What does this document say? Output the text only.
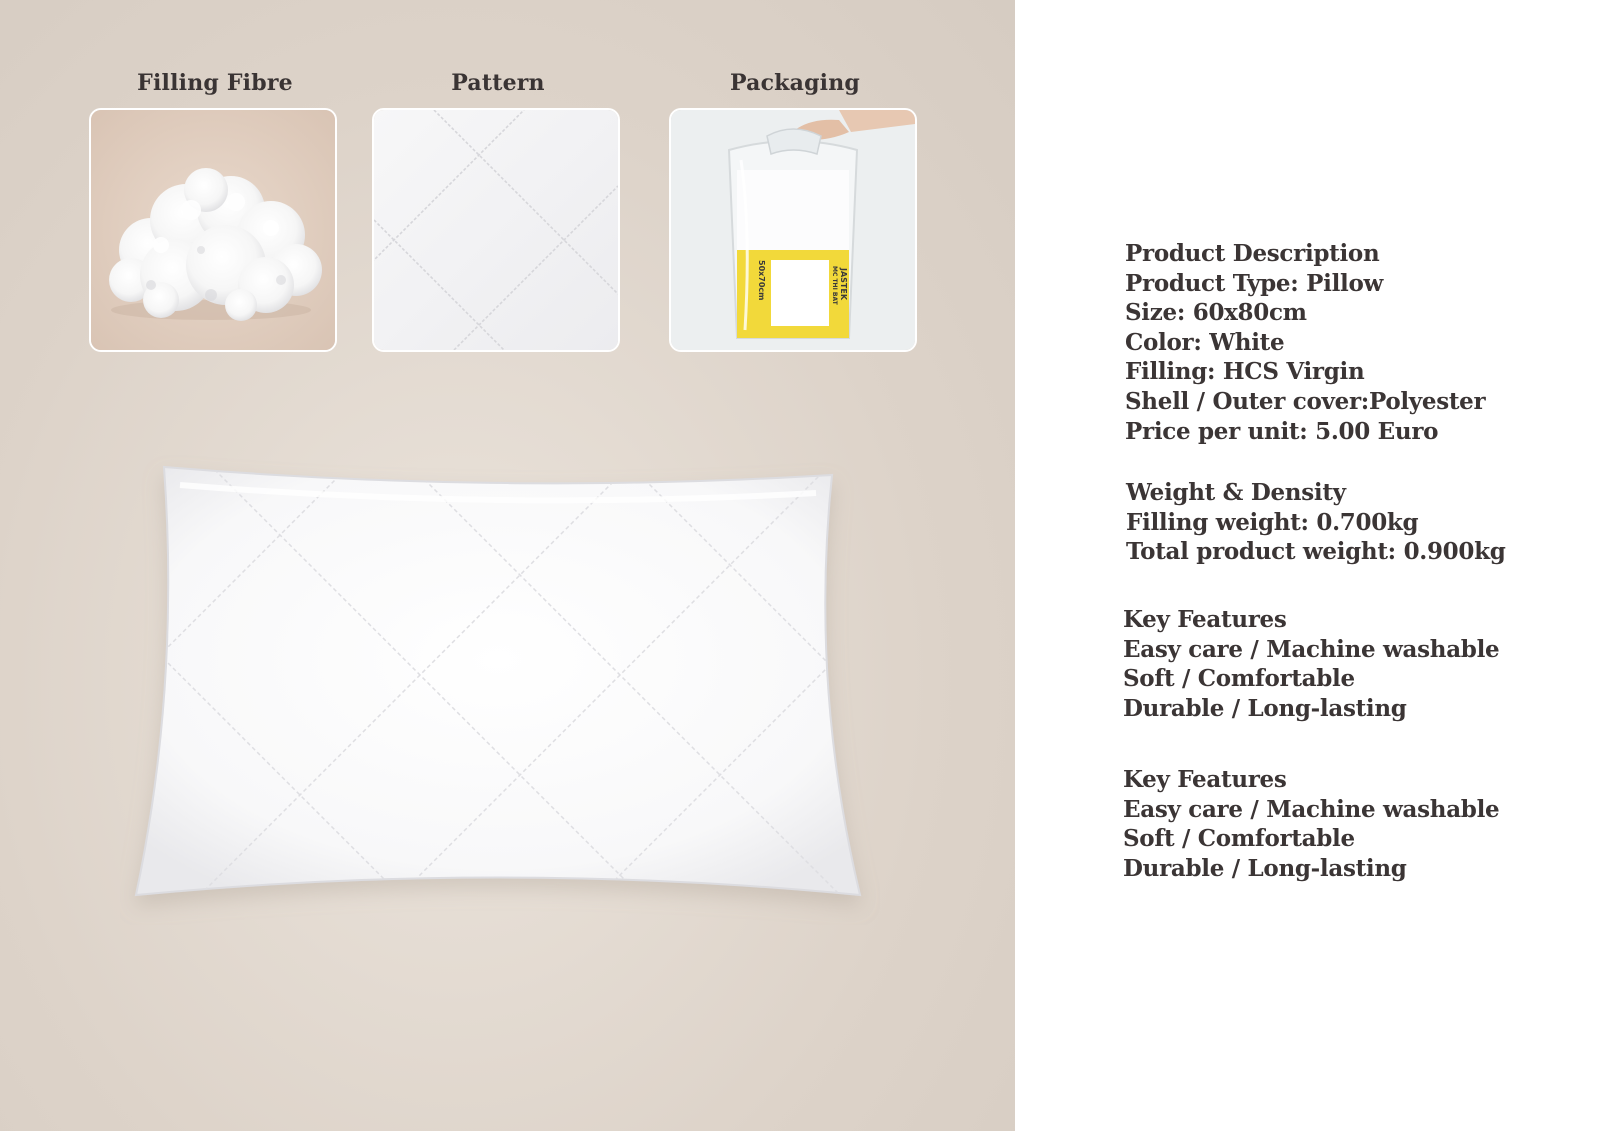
Filling Fibre	Pattern	Packaging
JASTEK
MC THI BAT
50x70cm
Product Description
Product Type: Pillow
Size: 60x80cm
Color: White
Filling: HCS Virgin
Shell / Outer cover:Polyester
Price per unit: 5.00 Euro
Weight & Density
Filling weight: 0.700kg
Total product weight: 0.900kg
Key Features
Easy care / Machine washable
Soft / Comfortable
Durable / Long-lasting
Key Features
Easy care / Machine washable
Soft / Comfortable
Durable / Long-lasting
